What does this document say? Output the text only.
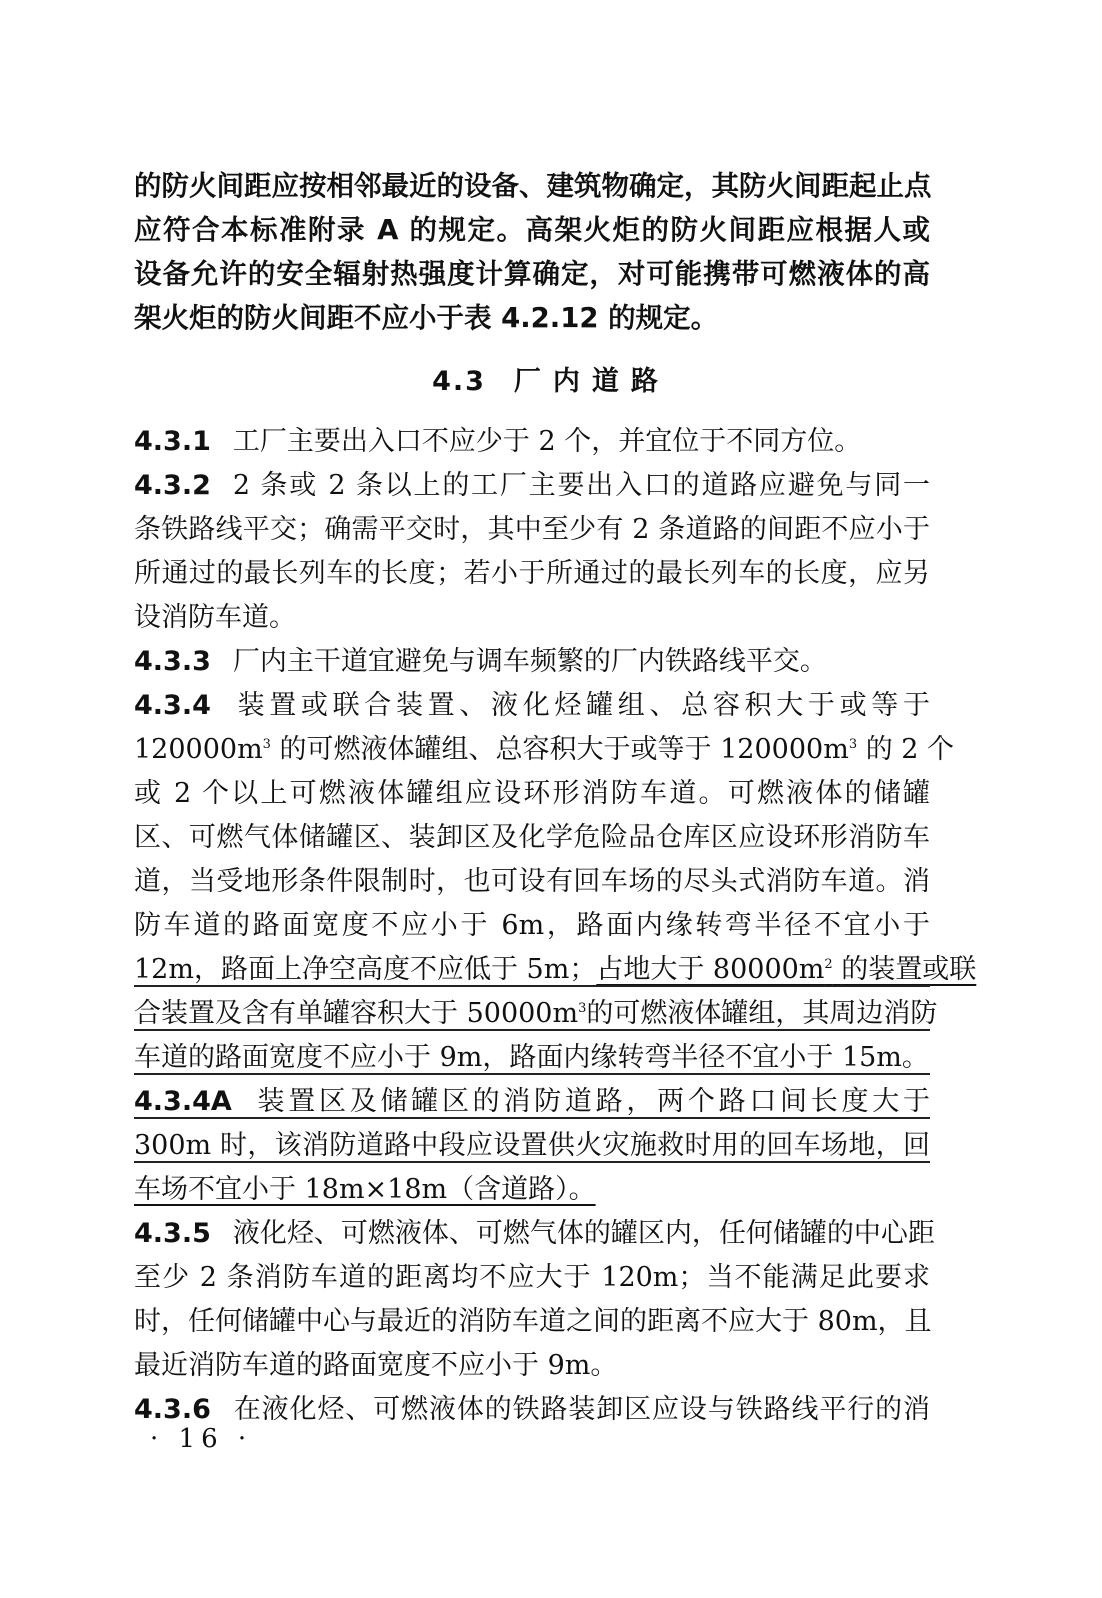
的防火间距应按相邻最近的设备、建筑物确定，其防火间距起止点
应符合本标准附录 A 的规定。高架火炬的防火间距应根据人或
设备允许的安全辐射热强度计算确定，对可能携带可燃液体的高
架火炬的防火间距不应小于表 4.2.12 的规定。
4.3 厂内道路
4.3.1 工厂主要出入口不应少于 2 个，并宜位于不同方位。
4.3.2 2 条或 2 条以上的工厂主要出入口的道路应避免与同一
条铁路线平交；确需平交时，其中至少有 2 条道路的间距不应小于
所通过的最长列车的长度；若小于所通过的最长列车的长度，应另
设消防车道。
4.3.3 厂内主干道宜避免与调车频繁的厂内铁路线平交。
4.3.4 装置或联合装置、液化烃罐组、总容积大于或等于
$120000m^3$ 的可燃液体罐组、总容积大于或等于 $120000m^3$ 的 2 个
或 2 个以上可燃液体罐组应设环形消防车道。可燃液体的储罐
区、可燃气体储罐区、装卸区及化学危险品仓库区应设环形消防车
道，当受地形条件限制时，也可设有回车场的尽头式消防车道。消
防车道的路面宽度不应小于 6m，路面内缘转弯半径不宜小于
12m，路面上净空高度不应低于 5m；占地大于 $80000m^2$ 的装置或联
合装置及含有单罐容积大于 $50000m^3$的可燃液体罐组，其周边消防
车道的路面宽度不应小于 9m，路面内缘转弯半径不宜小于 15m。
4.3.4A 装置区及储罐区的消防道路，两个路口间长度大于
300m 时，该消防道路中段应设置供火灾施救时用的回车场地，回
车场不宜小于 18m×18m（含道路）。
4.3.5 液化烃、可燃液体、可燃气体的罐区内，任何储罐的中心距
至少 2 条消防车道的距离均不应大于 120m；当不能满足此要求
时，任何储罐中心与最近的消防车道之间的距离不应大于 80m，且
最近消防车道的路面宽度不应小于 9m。
4.3.6 在液化烃、可燃液体的铁路装卸区应设与铁路线平行的消
· 16 ·
